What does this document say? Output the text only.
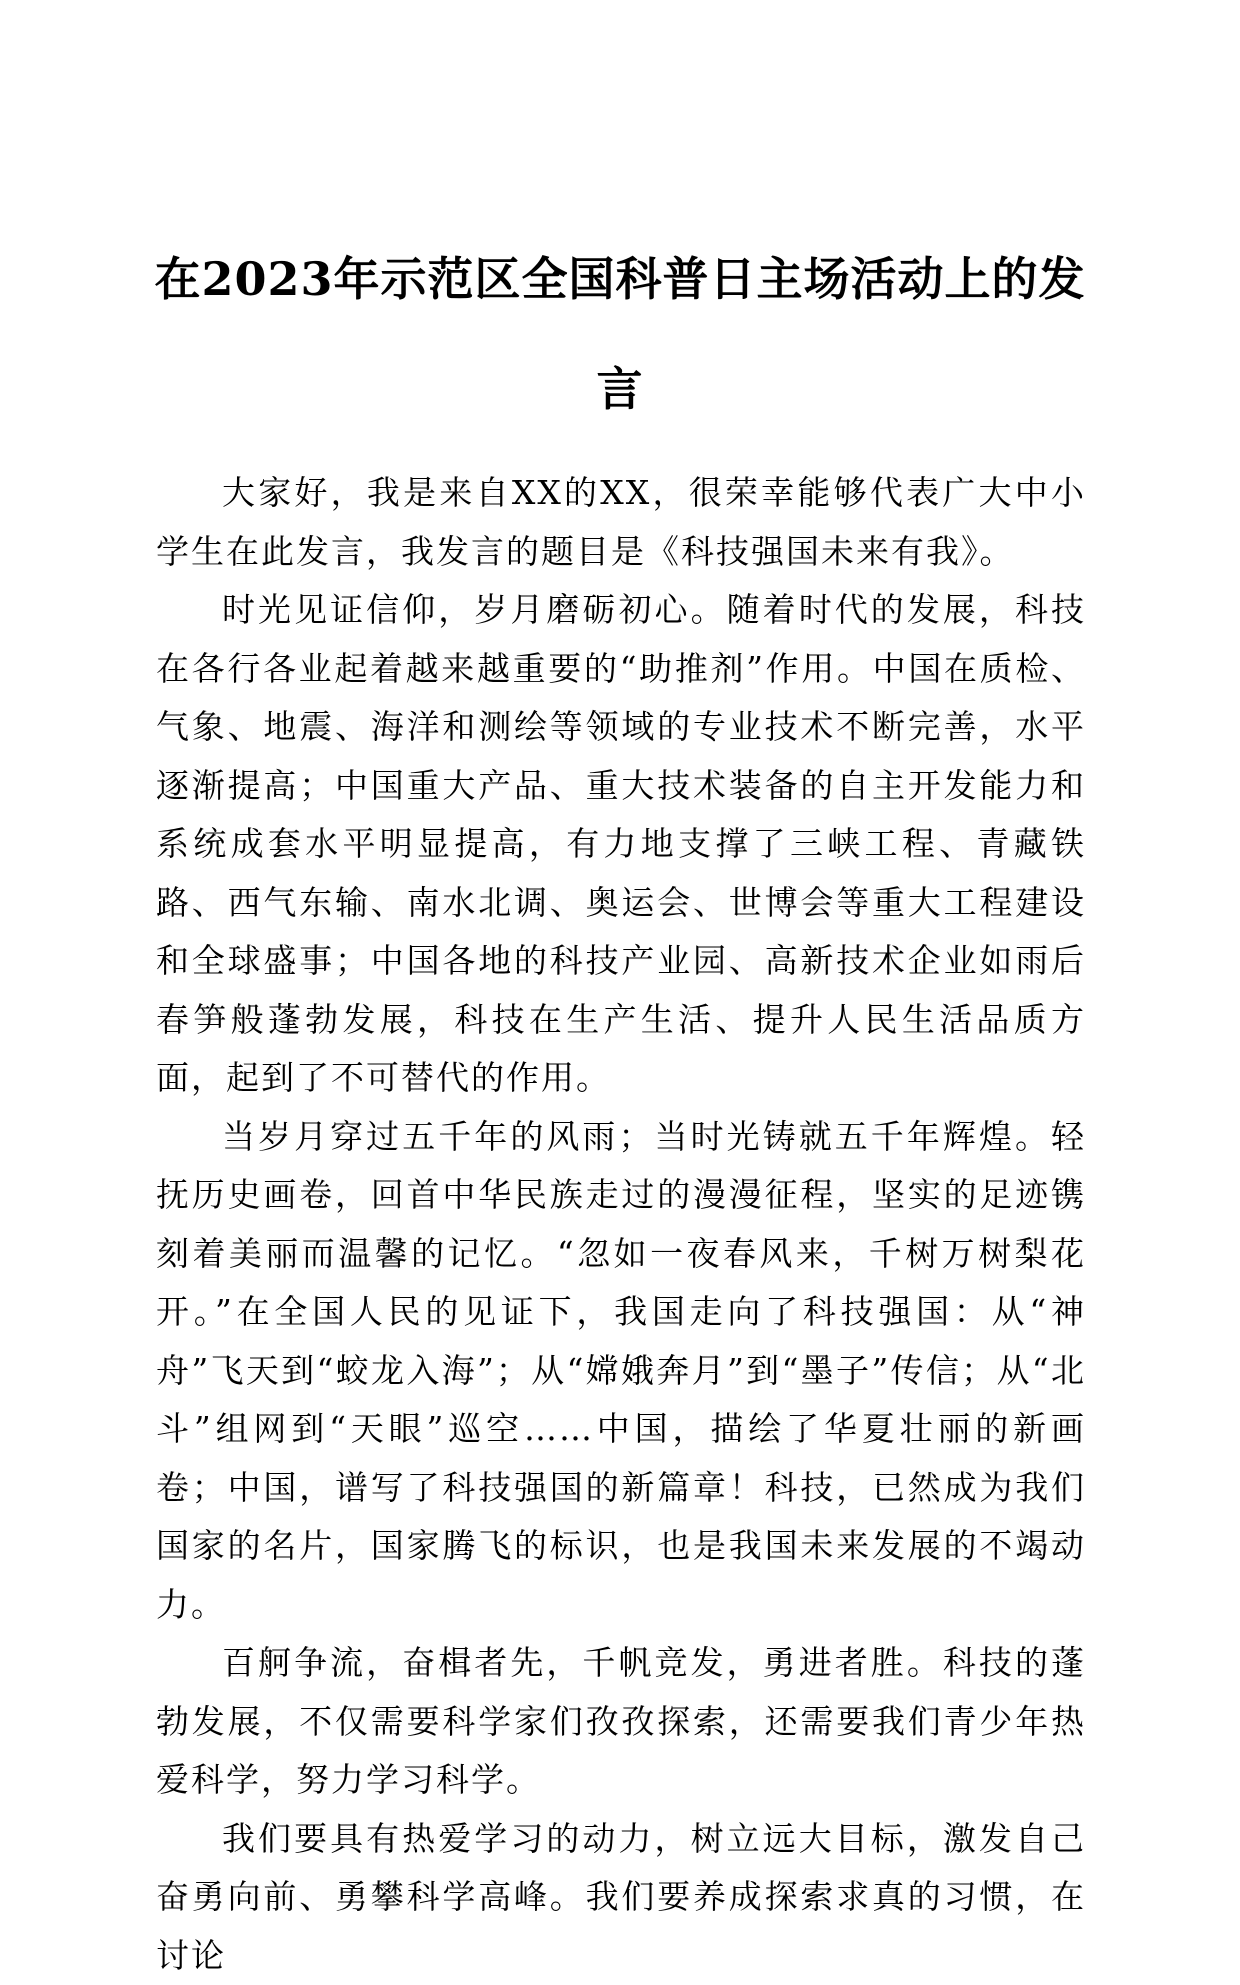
在2023年示范区全国科普日主场活动上的发言

大家好，我是来自XX的XX，很荣幸能够代表广大中小学生在此发言，我发言的题目是《科技强国未来有我》。

时光见证信仰，岁月磨砺初心。随着时代的发展，科技在各行各业起着越来越重要的“助推剂”作用。中国在质检、气象、地震、海洋和测绘等领域的专业技术不断完善，水平逐渐提高；中国重大产品、重大技术装备的自主开发能力和系统成套水平明显提高，有力地支撑了三峡工程、青藏铁路、西气东输、南水北调、奥运会、世博会等重大工程建设和全球盛事；中国各地的科技产业园、高新技术企业如雨后春笋般蓬勃发展，科技在生产生活、提升人民生活品质方面，起到了不可替代的作用。

当岁月穿过五千年的风雨；当时光铸就五千年辉煌。轻抚历史画卷，回首中华民族走过的漫漫征程，坚实的足迹镌刻着美丽而温馨的记忆。“忽如一夜春风来，千树万树梨花开。”在全国人民的见证下，我国走向了科技强国：从“神舟”飞天到“蛟龙入海”；从“嫦娥奔月”到“墨子”传信；从“北斗”组网到“天眼”巡空……中国，描绘了华夏壮丽的新画卷；中国，谱写了科技强国的新篇章！科技，已然成为我们国家的名片，国家腾飞的标识，也是我国未来发展的不竭动力。

百舸争流，奋楫者先，千帆竞发，勇进者胜。科技的蓬勃发展，不仅需要科学家们孜孜探索，还需要我们青少年热爱科学，努力学习科学。

我们要具有热爱学习的动力，树立远大目标，激发自己奋勇向前、勇攀科学高峰。我们要养成探索求真的习惯，在讨论
